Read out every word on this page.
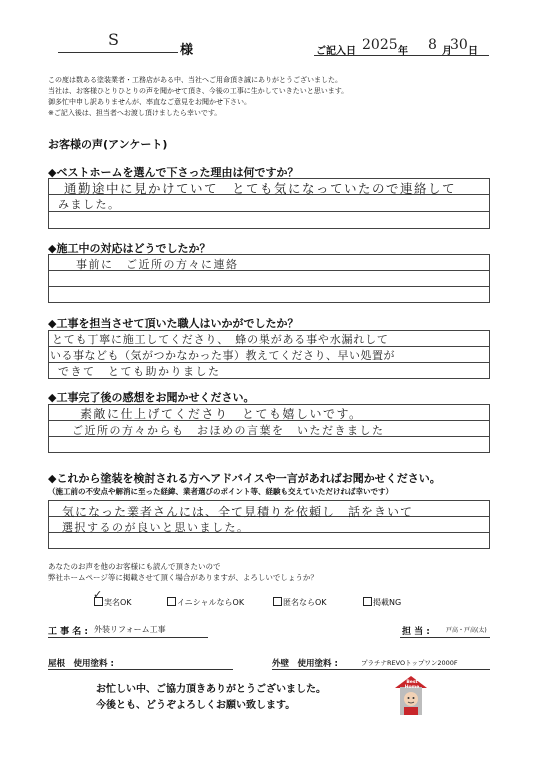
S
様	ご記入日 2025 年 8 月
30 日
この度は数ある塗装業者・工務店がある中、当社へご用命頂き誠にありがとうございました。
当社は、お客様ひとりひとりの声を聞かせて頂き、今後の工事に生かしていきたいと思います。
御多忙中申し訳ありませんが、率直なご意見をお聞かせ下さい。
※ご記入後は、担当者へお渡し頂けましたら幸いです。
お客様の声(アンケート)
◆ベストホームを選んで下さった理由は何ですか？
通勤途中に見かけていて　とても気になっていたので連絡して
みました。
◆施工中の対応はどうでしたか？
事前に　ご近所の方々に連絡
◆工事を担当させて頂いた職人はいかがでしたか？
とても丁寧に施工してくださり、　蜂の巣がある事や水漏れして
いる事なども（気がつかなかった事）教えてくださり、早い処置が
できて　とても助かりました
◆工事完了後の感想をお聞かせください。
素敵に仕上げてくださり　とても嬉しいです。
ご近所の方々からも　おほめの言葉を　いただきました
◆これから塗装を検討される方へアドバイスや一言があればお聞かせください。
（施工前の不安点や解消に至った経緯、業者選びのポイント等、経験も交えていただければ幸いです）
気になった業者さんには、全て見積りを依頼し　話をきいて
選択するのが良いと思いました。
あなたのお声を他のお客様にも読んで頂きたいので
弊社ホームページ等に掲載させて頂く場合がありますが、よろしいでしょうか？
実名OK
✓
イニシャルならOK	匿名ならOK	掲載NG
工 事 名 : 外装リフォーム工事	担 当 :	戸高・戸高(太)
屋根　使用塗料 :	外壁　使用塗料 :	プラチナREVOトップワン2000F
お忙しい中、ご協力頂きありがとうございました。
今後とも、どうぞよろしくお願い致します。
Best Home
